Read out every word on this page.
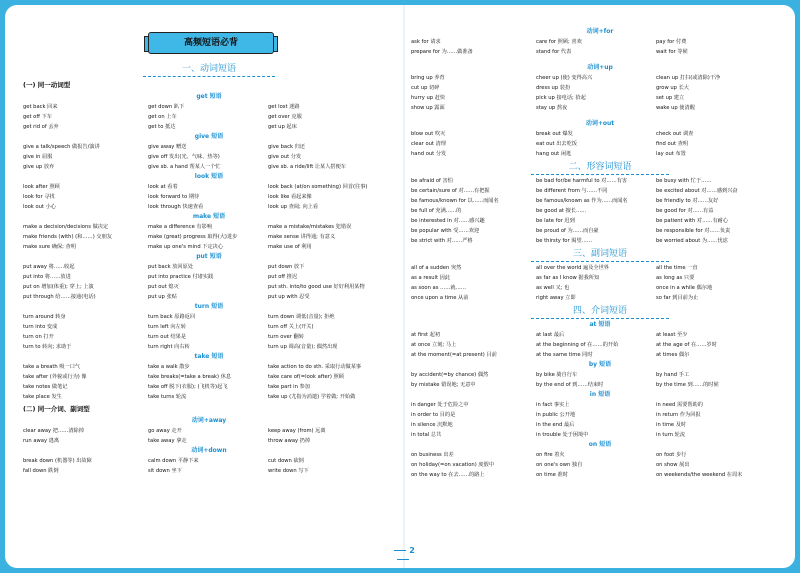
高频短语必背
一、动词短语
(一) 同一动词型
get 短语
get back 回来	get down 趴下	get lost 迷路
get off 下车	get on 上车	get over 克服
get rid of 丢弃	get to 抵达	get up 起床
give 短语
give a talk/speech 做报告/演讲	give away 赠送	give back 归还
give in 屈服	give off 发出(光、气味、热等)	give out 分发
give up 放弃	give sb. a hand 帮某人一个忙	give sb. a ride/lift 让某人搭便车
look 短语
look after 照顾	look at 看着	look back (at/on something) 回首(往事)
look for 寻找	look forward to 期待	look like 看起来像
look out 小心	look through 快速查看	look up 查阅; 向上看
make 短语
make a decision/decisions 做决定	make a difference 有影响	make a mistake/mistakes 犯错误
make friends (with) (和……) 交朋友	make (great) progress 取得(大)进步	make sense 讲得通; 有意义
make sure 确保; 查明	make up one's mind 下定决心	make use of 利用
put 短语
put away 将……收起	put back 放回原处	put down 放下
put into 将……放进	put into practice 付诸实践	put off 推迟
put on 增加(体重); 穿上; 上演	put out 熄灭	put sth. into/to good use 好好利用某物
put through 给……接通(电话)	put up 张贴	put up with 忍受
turn 短语
turn around 转身	turn back 原路返回	turn down 调低(音量); 拒绝
turn into 变成	turn left 向左转	turn off 关上(开关)
turn on 打开	turn out 结果是	turn over 翻转
turn to 转向; 求助于	turn right 向右转	turn up 调高(音量); 偶然出现
take 短语
take a breath 吸一口气	take a walk 散步	take action to do sth. 采取行动做某事
take after (外貌或行为) 像	take breaks(=take a break) 休息	take care of(=look after) 照顾
take notes 做笔记	take off 脱下(衣服); (飞机等)起飞	take part in 参加
take place 发生	take turns 轮流	take up (尤指为消遣) 学着做; 开始做
(二) 同一介词、副词型
动词+away
clear away 把……清除掉	go away 走开	keep away (from) 远离
run away 逃离	take away 拿走	throw away 扔掉
动词+down
break down (机器等) 出故障	calm down 平静下来	cut down 砍倒
fall down 跌倒	sit down 坐下	write down 写下
动词+for
ask for 请求	care for 照顾; 喜欢	pay for 付费
prepare for 为……做准备	stand for 代表	wait for 等候
动词+up
bring up 养育	cheer up (使) 变得高兴	clean up 打扫(或清除)干净
cut up 切碎	dress up 装扮	grow up 长大
hurry up 赶快	pick up 接电话; 拾起	set up 建立
show up 露面	stay up 熬夜	wake up 使清醒
动词+out
blow out 吹灭	break out 爆发	check out 调查
clear out 清理	eat out 出去吃饭	find out 查明
hand out 分发	hang out 闲逛	lay out 布置
二、形容词短语
be afraid of 害怕	be bad for/be harmful to 对……有害	be busy with 忙于……
be certain/sure of 对……有把握	be different from 与……不同	be excited about 对……感到兴奋
be famous/known for 以……而闻名	be famous/known as 作为……而闻名	be friendly to 对……友好
be full of 充满……的	be good at 擅长……	be good for 对……有益
be interested in 对……感兴趣	be late for 迟到	be patient with 对……有耐心
be popular with 受……欢迎	be proud of 为……而自豪	be responsible for 对……负责
be strict with 对……严格	be thirsty for 渴望……	be worried about 为……忧虑
三、副词短语
all of a sudden 突然	all over the world 遍及全世界	all the time 一直
as a result 因此	as far as I know 据我所知	as long as 只要
as soon as ……就……	as well 又; 也	once in a while 偶尔地
once upon a time 从前	right away 立即	so far 到目前为止
四、介词短语
at 短语
at first 起初	at last 最后	at least 至少
at once 立刻; 马上	at the beginning of 在……的开始	at the age of 在……岁时
at the moment(=at present) 目前	at the same time 同时	at times 偶尔
by 短语
by accident(=by chance) 偶然	by bike 骑自行车	by hand 手工
by mistake 错误地; 无意中	by the end of 到……结束时	by the time 到……的时候
in 短语
in danger 处于危险之中	in fact 事实上	in need 需要帮助的
in order to 目的是	in public 公开地	in return 作为回报
in silence 沉默地	in the end 最后	in time 及时
in total 总共	in trouble 处于困境中	in turn 轮流
on 短语
on business 出差	on fire 着火	on foot 步行
on holiday(=on vacation) 度假中	on one's own 独自	on show 展出
on the way to 在去……的路上	on time 准时	on weekends/the weekend 在周末
2
